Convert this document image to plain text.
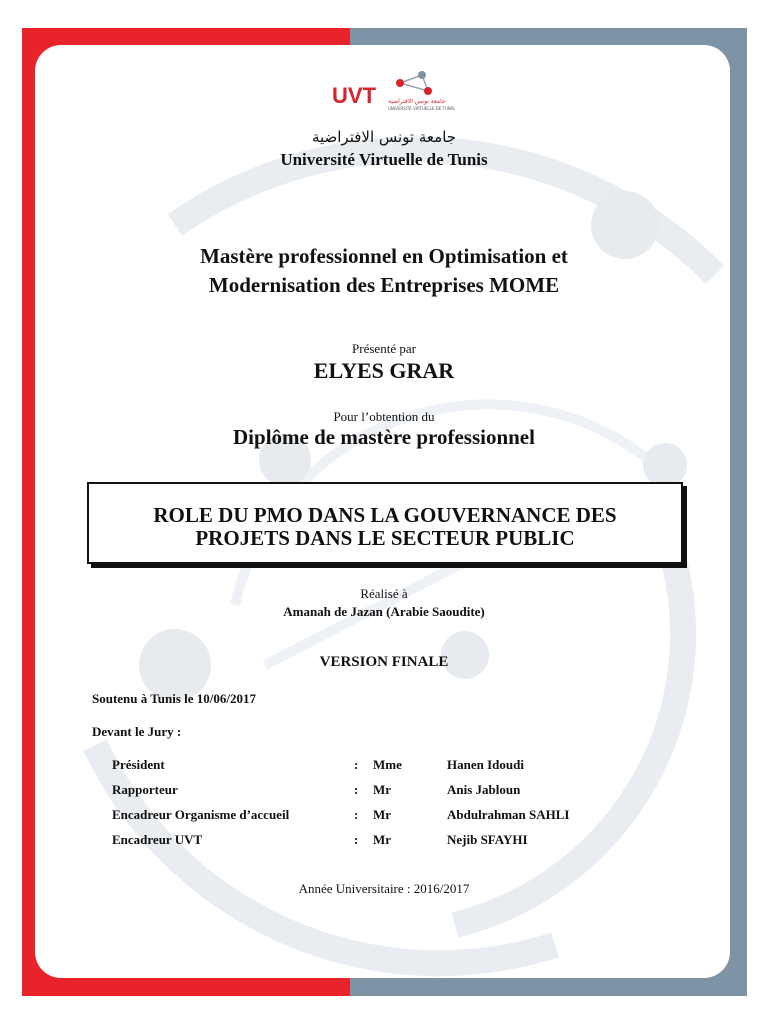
UVT جامعة تونس الافتراضية
UNIVERSITÉ VIRTUELLE DE TUNIS
جامعة تونس الافتراضية
Université Virtuelle de Tunis
Mastère professionnel en Optimisation et
Modernisation des Entreprises MOME
Présenté par
ELYES GRAR
Pour l’obtention du
Diplôme de mastère professionnel
ROLE DU PMO DANS LA GOUVERNANCE DES
PROJETS DANS LE SECTEUR PUBLIC
Réalisé à
Amanah de Jazan (Arabie Saoudite)
VERSION FINALE
Soutenu à Tunis le 10/06/2017
Devant le Jury :
Président	: Mme	Hanen Idoudi
Rapporteur	: Mr	Anis Jabloun
Encadreur Organisme d’accueil	: Mr	Abdulrahman SAHLI
Encadreur UVT	: Mr	Nejib SFAYHI
Année Universitaire : 2016/2017
